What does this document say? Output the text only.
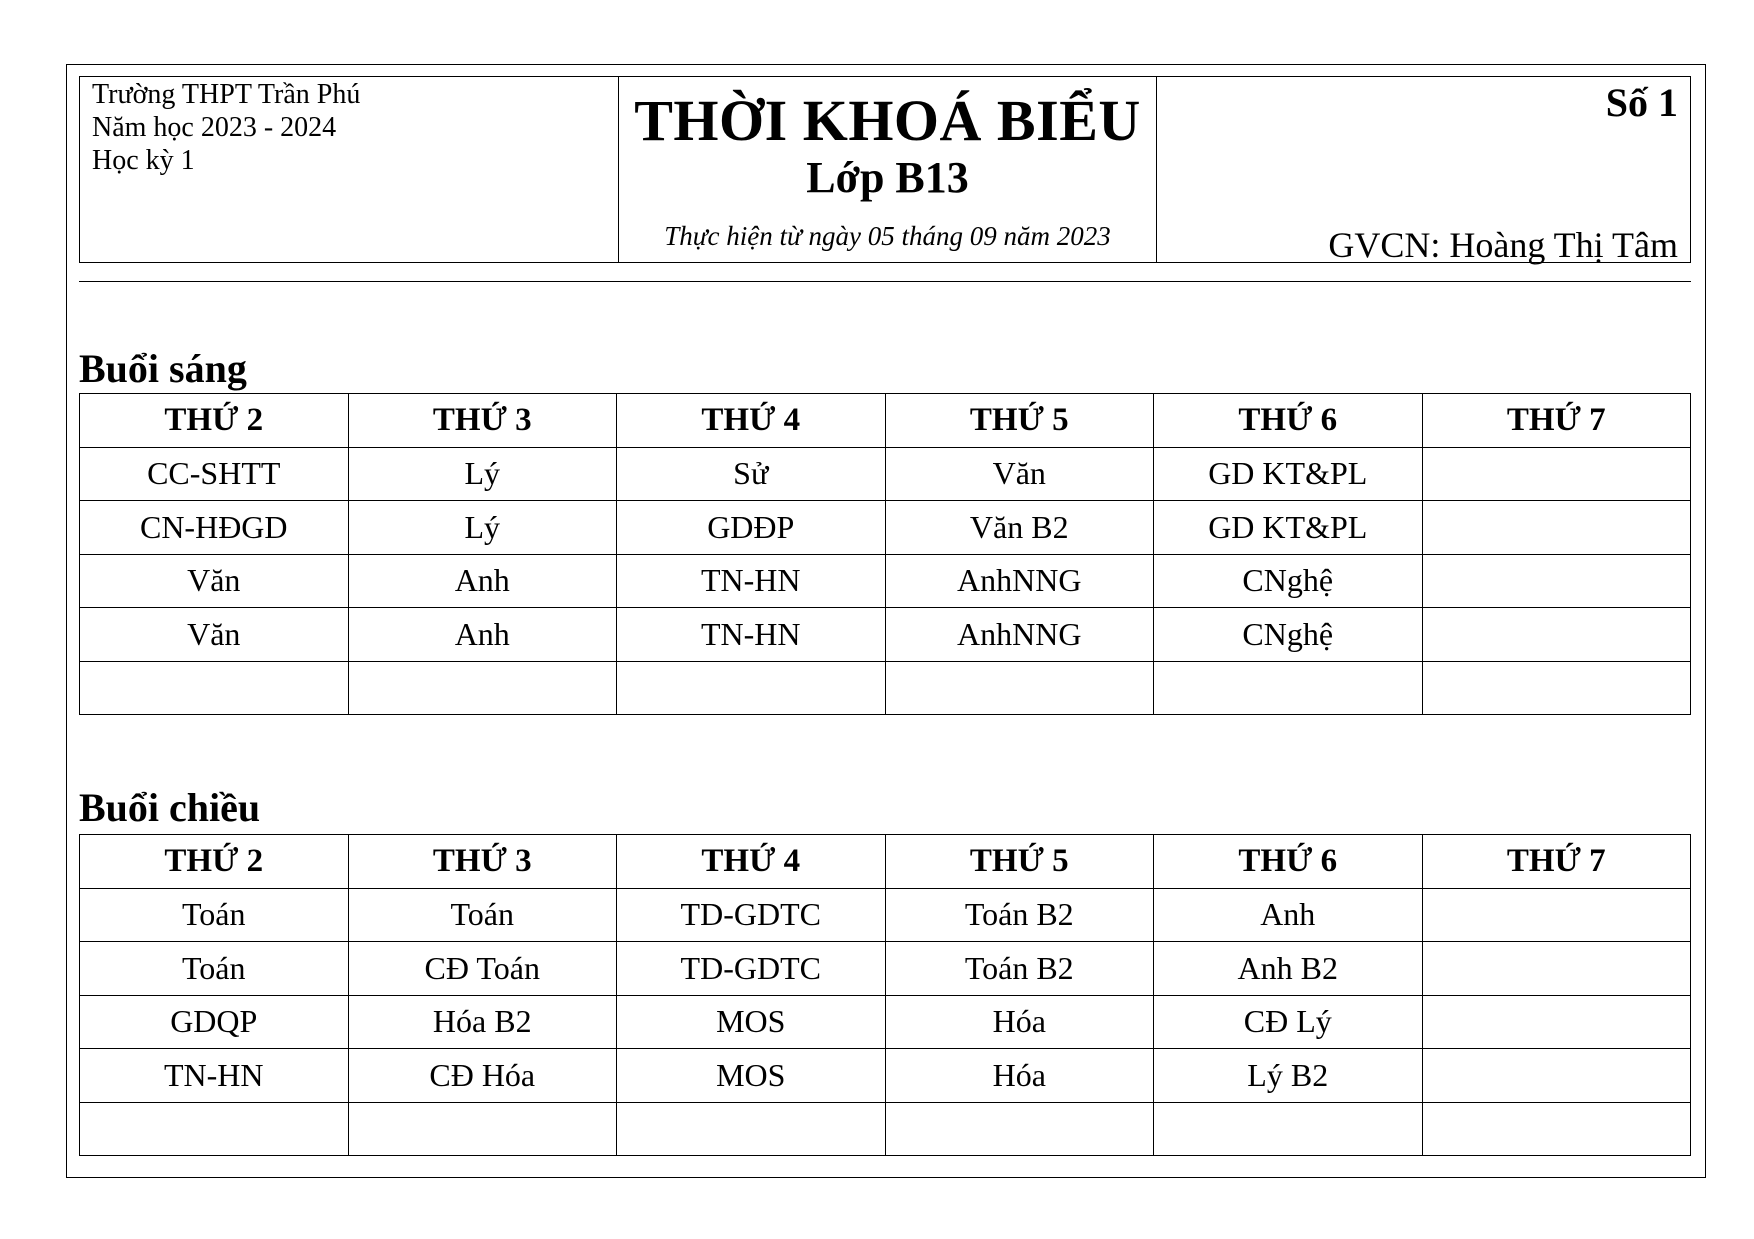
Trường THPT Trần Phú
Năm học 2023 - 2024
Học kỳ 1
THỜI KHOÁ BIỂU
Lớp B13
Thực hiện từ ngày 05 tháng 09 năm 2023
Số 1
GVCN: Hoàng Thị Tâm
Buổi sáng
THỨ 2	THỨ 3	THỨ 4	THỨ 5	THỨ 6	THỨ 7
CC-SHTT	Lý	Sử	Văn	GD KT&PL	
CN-HĐGD	Lý	GDĐP	Văn B2	GD KT&PL	
Văn	Anh	TN-HN	AnhNNG	CNghệ	
Văn	Anh	TN-HN	AnhNNG	CNghệ	

Buổi chiều
THỨ 2	THỨ 3	THỨ 4	THỨ 5	THỨ 6	THỨ 7
Toán	Toán	TD-GDTC	Toán B2	Anh	
Toán	CĐ Toán	TD-GDTC	Toán B2	Anh B2	
GDQP	Hóa B2	MOS	Hóa	CĐ Lý	
TN-HN	CĐ Hóa	MOS	Hóa	Lý B2	
